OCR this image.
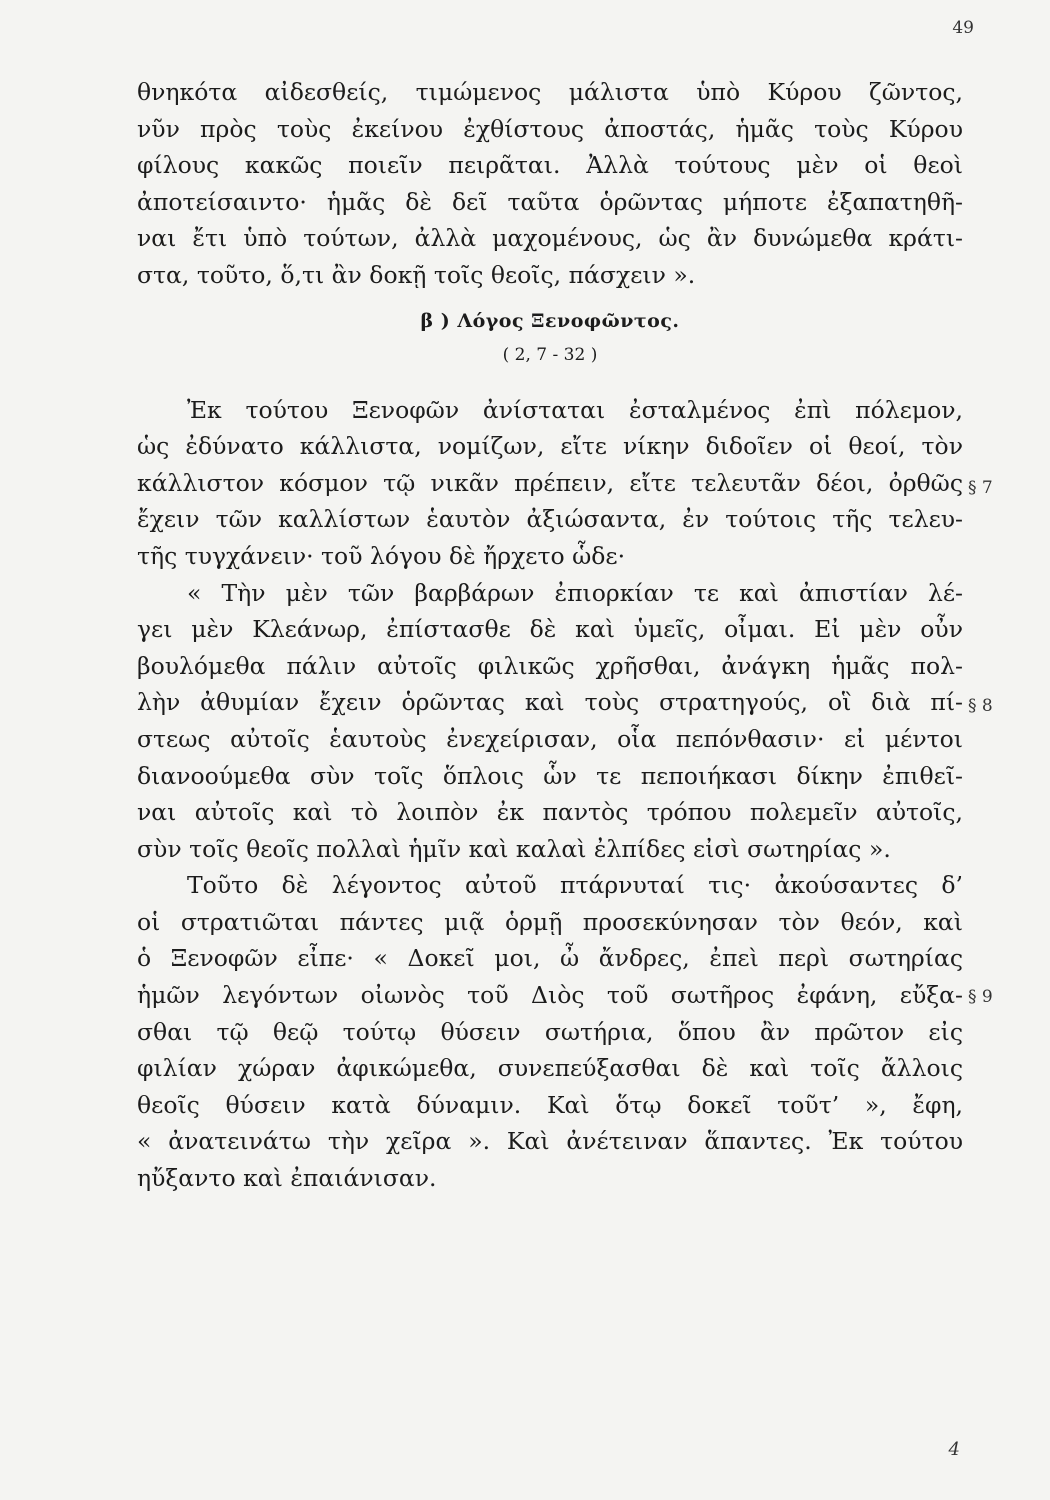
49
θνηκότα αἰδεσθείς, τιμώμενος μάλιστα ὑπὸ Κύρου ζῶντος,
νῦν πρὸς τοὺς ἐκείνου ἐχθίστους ἀποστάς, ἡμᾶς τοὺς Κύρου
φίλους κακῶς ποιεῖν πειρᾶται. Ἀλλὰ τούτους μὲν οἱ θεοὶ
ἀποτείσαιντο· ἡμᾶς δὲ δεῖ ταῦτα ὁρῶντας μήποτε ἐξαπατηθῆ-
ναι ἔτι ὑπὸ τούτων, ἀλλὰ μαχομένους, ὡς ἂν δυνώμεθα κράτι-
στα, τοῦτο, ὅ,τι ἂν δοκῇ τοῖς θεοῖς, πάσχειν ».
β ) Λόγος Ξενοφῶντος.
( 2, 7 - 32 )
Ἐκ τούτου Ξενοφῶν ἀνίσταται ἐσταλμένος ἐπὶ πόλεμον,
ὡς ἐδύνατο κάλλιστα, νομίζων, εἴτε νίκην διδοῖεν οἱ θεοί, τὸν
κάλλιστον κόσμον τῷ νικᾶν πρέπειν, εἴτε τελευτᾶν δέοι, ὀρθῶς
ἔχειν τῶν καλλίστων ἑαυτὸν ἀξιώσαντα, ἐν τούτοις τῆς τελευ-
τῆς τυγχάνειν· τοῦ λόγου δὲ ἤρχετο ὧδε·
« Τὴν μὲν τῶν βαρβάρων ἐπιορκίαν τε καὶ ἀπιστίαν λέ-
γει μὲν Κλεάνωρ, ἐπίστασθε δὲ καὶ ὑμεῖς, οἶμαι. Εἰ μὲν οὖν
βουλόμεθα πάλιν αὐτοῖς φιλικῶς χρῆσθαι, ἀνάγκη ἡμᾶς πολ-
λὴν ἀθυμίαν ἔχειν ὁρῶντας καὶ τοὺς στρατηγούς, οἳ διὰ πί-
στεως αὐτοῖς ἑαυτοὺς ἐνεχείρισαν, οἷα πεπόνθασιν· εἰ μέντοι
διανοούμεθα σὺν τοῖς ὅπλοις ὧν τε πεποιήκασι δίκην ἐπιθεῖ-
ναι αὐτοῖς καὶ τὸ λοιπὸν ἐκ παντὸς τρόπου πολεμεῖν αὐτοῖς,
σὺν τοῖς θεοῖς πολλαὶ ἡμῖν καὶ καλαὶ ἐλπίδες εἰσὶ σωτηρίας ».
Τοῦτο δὲ λέγοντος αὐτοῦ πτάρνυταί τις· ἀκούσαντες δ’
οἱ στρατιῶται πάντες μιᾷ ὁρμῇ προσεκύνησαν τὸν θεόν, καὶ
ὁ Ξενοφῶν εἶπε· « Δοκεῖ μοι, ὦ ἄνδρες, ἐπεὶ περὶ σωτηρίας
ἡμῶν λεγόντων οἰωνὸς τοῦ Διὸς τοῦ σωτῆρος ἐφάνη, εὔξα-
σθαι τῷ θεῷ τούτῳ θύσειν σωτήρια, ὅπου ἂν πρῶτον εἰς
φιλίαν χώραν ἀφικώμεθα, συνεπεύξασθαι δὲ καὶ τοῖς ἄλλοις
θεοῖς θύσειν κατὰ δύναμιν. Καὶ ὅτῳ δοκεῖ τοῦτ’ », ἔφη,
« ἀνατεινάτω τὴν χεῖρα ». Καὶ ἀνέτειναν ἅπαντες. Ἐκ τούτου
ηὔξαντο καὶ ἐπαιάνισαν.
§ 7
§ 8
§ 9
4
